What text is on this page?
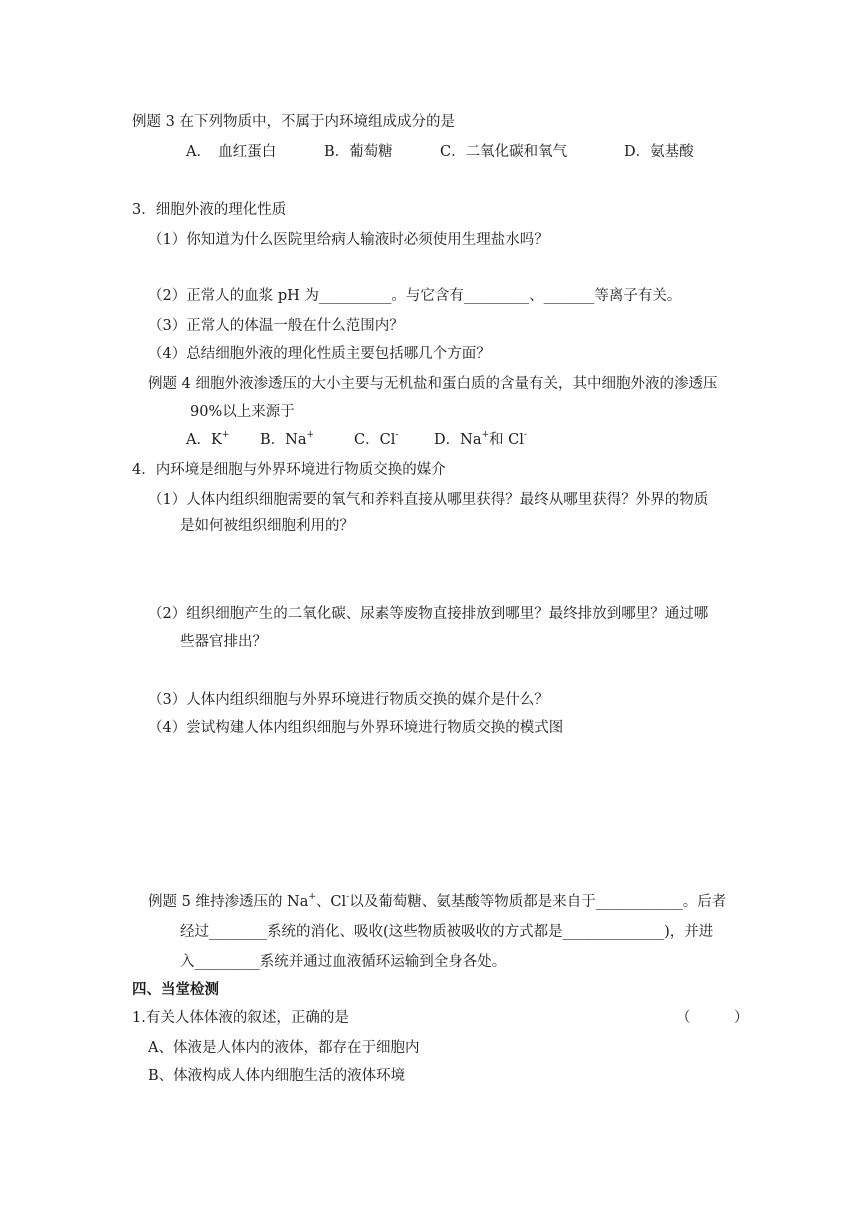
例题 3 在下列物质中，不属于内环境组成成分的是
A．　血红蛋白	B．葡萄糖	C．二氧化碳和氧气	D．氨基酸
3．细胞外液的理化性质
（1）你知道为什么医院里给病人输液时必须使用生理盐水吗？
（2）正常人的血浆 pH 为__________。与它含有_________、_______等离子有关。
（3）正常人的体温一般在什么范围内？
（4）总结细胞外液的理化性质主要包括哪几个方面？
例题 4 细胞外液渗透压的大小主要与无机盐和蛋白质的含量有关，其中细胞外液的渗透压
90%以上来源于
A．K+ B．Na+	C．Cl- D．Na+和 Cl-
4．内环境是细胞与外界环境进行物质交换的媒介
（1）人体内组织细胞需要的氧气和养料直接从哪里获得？最终从哪里获得？外界的物质
是如何被组织细胞利用的？
（2）组织细胞产生的二氧化碳、尿素等废物直接排放到哪里？最终排放到哪里？通过哪
些器官排出？
（3）人体内组织细胞与外界环境进行物质交换的媒介是什么？
（4）尝试构建人体内组织细胞与外界环境进行物质交换的模式图
例题 5 维持渗透压的 Na+、Cl-以及葡萄糖、氨基酸等物质都是来自于____________。后者
经过________系统的消化、吸收(这些物质被吸收的方式都是______________)，并进
入_________系统并通过血液循环运输到全身各处。
四、当堂检测
1.有关人体体液的叙述，正确的是	（　　　）
A、体液是人体内的液体，都存在于细胞内
B、体液构成人体内细胞生活的液体环境
